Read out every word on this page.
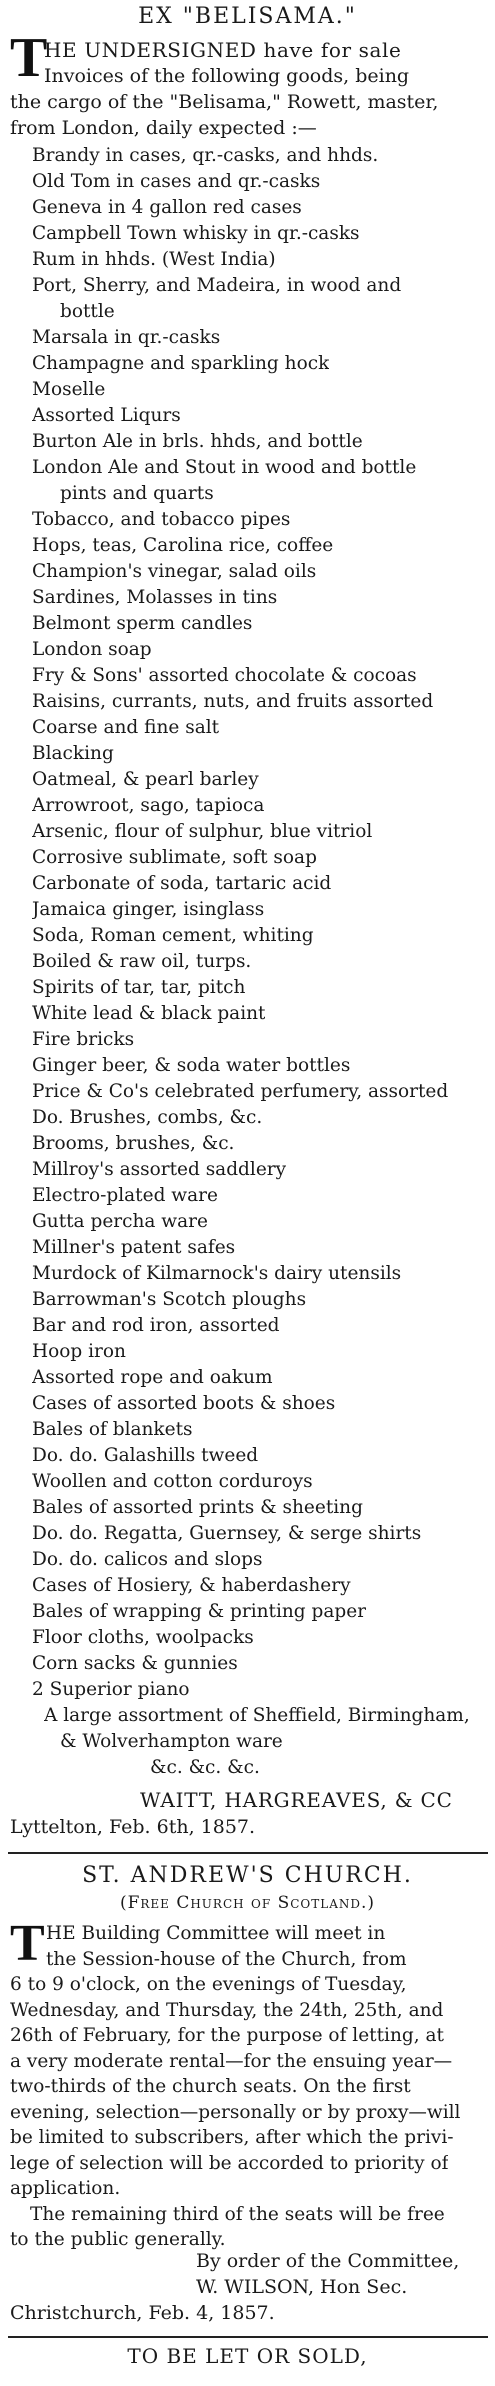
EX "BELISAMA."
T
HE UNDERSIGNED have for sale
Invoices of the following goods, being
the cargo of the "Belisama," Rowett, master,
from London, daily expected :—
Brandy in cases, qr.-casks, and hhds.
Old Tom in cases and qr.-casks
Geneva in 4 gallon red cases
Campbell Town whisky in qr.-casks
Rum in hhds. (West India)
Port, Sherry, and Madeira, in wood and
bottle
Marsala in qr.-casks
Champagne and sparkling hock
Moselle
Assorted Liqurs
Burton Ale in brls. hhds, and bottle
London Ale and Stout in wood and bottle
pints and quarts
Tobacco, and tobacco pipes
Hops, teas, Carolina rice, coffee
Champion's vinegar, salad oils
Sardines, Molasses in tins
Belmont sperm candles
London soap
Fry & Sons' assorted chocolate & cocoas
Raisins, currants, nuts, and fruits assorted
Coarse and fine salt
Blacking
Oatmeal, & pearl barley
Arrowroot, sago, tapioca
Arsenic, flour of sulphur, blue vitriol
Corrosive sublimate, soft soap
Carbonate of soda, tartaric acid
Jamaica ginger, isinglass
Soda, Roman cement, whiting
Boiled & raw oil, turps.
Spirits of tar, tar, pitch
White lead & black paint
Fire bricks
Ginger beer, & soda water bottles
Price & Co's celebrated perfumery, assorted
Do. Brushes, combs, &c.
Brooms, brushes, &c.
Millroy's assorted saddlery
Electro-plated ware
Gutta percha ware
Millner's patent safes
Murdock of Kilmarnock's dairy utensils
Barrowman's Scotch ploughs
Bar and rod iron, assorted
Hoop iron
Assorted rope and oakum
Cases of assorted boots & shoes
Bales of blankets
Do. do. Galashills tweed
Woollen and cotton corduroys
Bales of assorted prints & sheeting
Do. do. Regatta, Guernsey, & serge shirts
Do. do. calicos and slops
Cases of Hosiery, & haberdashery
Bales of wrapping & printing paper
Floor cloths, woolpacks
Corn sacks & gunnies
2 Superior piano
A large assortment of Sheffield, Birmingham,
& Wolverhampton ware
&c. &c. &c.
WAITT, HARGREAVES, & CC
Lyttelton, Feb. 6th, 1857.
ST. ANDREW'S CHURCH.
(Free Church of Scotland.)
T HE Building Committee will meet in
the Session-house of the Church, from
6 to 9 o'clock, on the evenings of Tuesday,
Wednesday, and Thursday, the 24th, 25th, and
26th of February, for the purpose of letting, at
a very moderate rental—for the ensuing year—
two-thirds of the church seats. On the first
evening, selection—personally or by proxy—will
be limited to subscribers, after which the privi-
lege of selection will be accorded to priority of
application.
The remaining third of the seats will be free
to the public generally.
By order of the Committee,
W. WILSON, Hon Sec.
Christchurch, Feb. 4, 1857.
TO BE LET OR SOLD,
